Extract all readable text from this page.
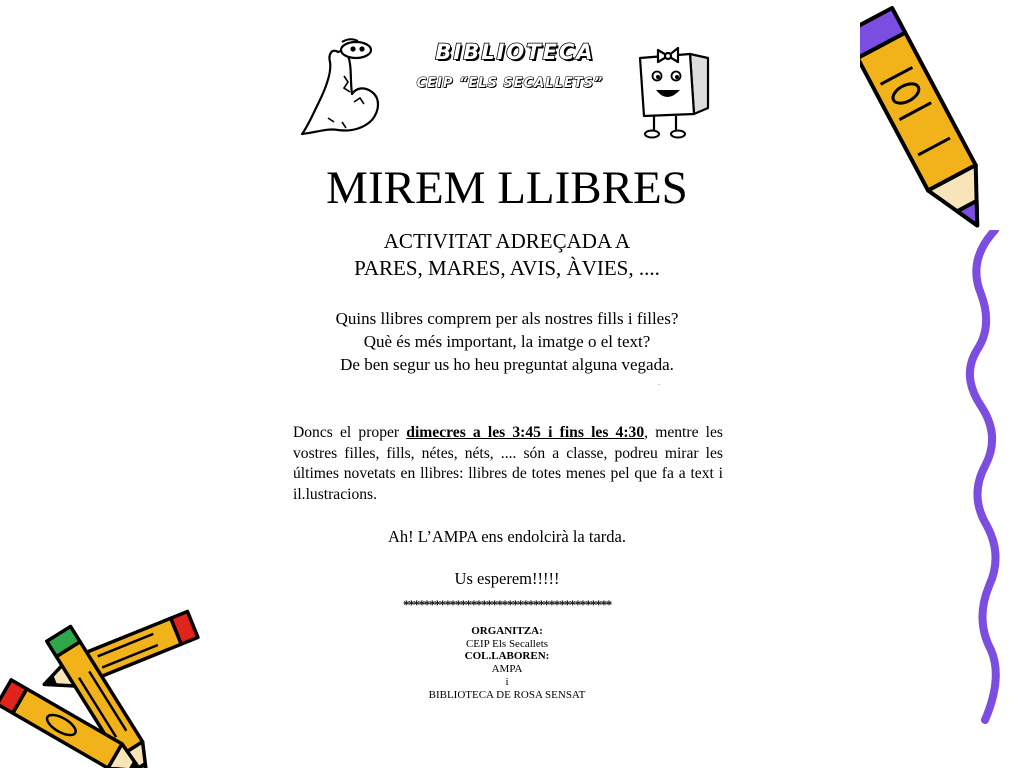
BIBLIOTECA
CEIP “ELS SECALLETS”
MIREM LLIBRES
ACTIVITAT ADREÇADA A
PARES, MARES, AVIS, ÀVIES, ....
Quins llibres comprem per als nostres fills i filles?
Què és més important, la imatge o el text?
De ben segur us ho heu preguntat alguna vegada.
.
Doncs el proper dimecres a les 3:45 i fins les 4:30, mentre les vostres filles, fills, nétes, néts, .... són a classe, podreu mirar les últimes novetats en llibres: llibres de totes menes pel que fa a text i il.lustracions.
Ah! L’AMPA ens endolcirà la tarda.
Us esperem!!!!!
****************************************
ORGANITZA:
CEIP Els Secallets
COL.LABOREN:
AMPA
i
BIBLIOTECA DE ROSA SENSAT
